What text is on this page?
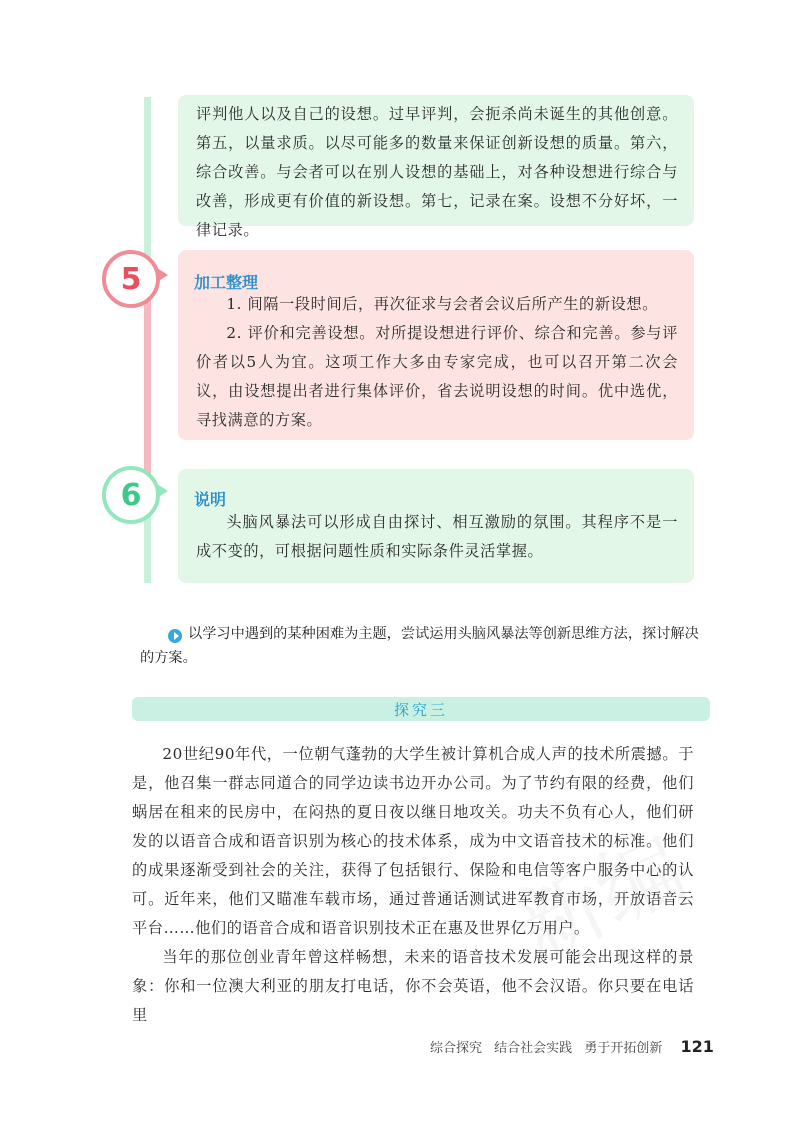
评判他人以及自己的设想。过早评判，会扼杀尚未诞生的其他创意。第五，以量求质。以尽可能多的数量来保证创新设想的质量。第六，综合改善。与会者可以在别人设想的基础上，对各种设想进行综合与改善，形成更有价值的新设想。第七，记录在案。设想不分好坏，一律记录。

5	加工整理

1. 间隔一段时间后，再次征求与会者会议后所产生的新设想。

2. 评价和完善设想。对所提设想进行评价、综合和完善。参与评价者以5人为宜。这项工作大多由专家完成，也可以召开第二次会议，由设想提出者进行集体评价，省去说明设想的时间。优中选优，寻找满意的方案。

6	说明

头脑风暴法可以形成自由探讨、相互激励的氛围。其程序不是一成不变的，可根据问题性质和实际条件灵活掌握。

以学习中遇到的某种困难为主题，尝试运用头脑风暴法等创新思维方法，探讨解决的方案。

探究三

20世纪90年代，一位朝气蓬勃的大学生被计算机合成人声的技术所震撼。于是，他召集一群志同道合的同学边读书边开办公司。为了节约有限的经费，他们蜗居在租来的民房中，在闷热的夏日夜以继日地攻关。功夫不负有心人，他们研发的以语音合成和语音识别为核心的技术体系，成为中文语音技术的标准。他们的成果逐渐受到社会的关注，获得了包括银行、保险和电信等客户服务中心的认可。近年来，他们又瞄准车载市场，通过普通话测试进军教育市场，开放语音云平台……他们的语音合成和语音识别技术正在惠及世界亿万用户。

当年的那位创业青年曾这样畅想，未来的语音技术发展可能会出现这样的景象：你和一位澳大利亚的朋友打电话，你不会英语，他不会汉语。你只要在电话里

综合探究 结合社会实践 勇于开拓创新 121
